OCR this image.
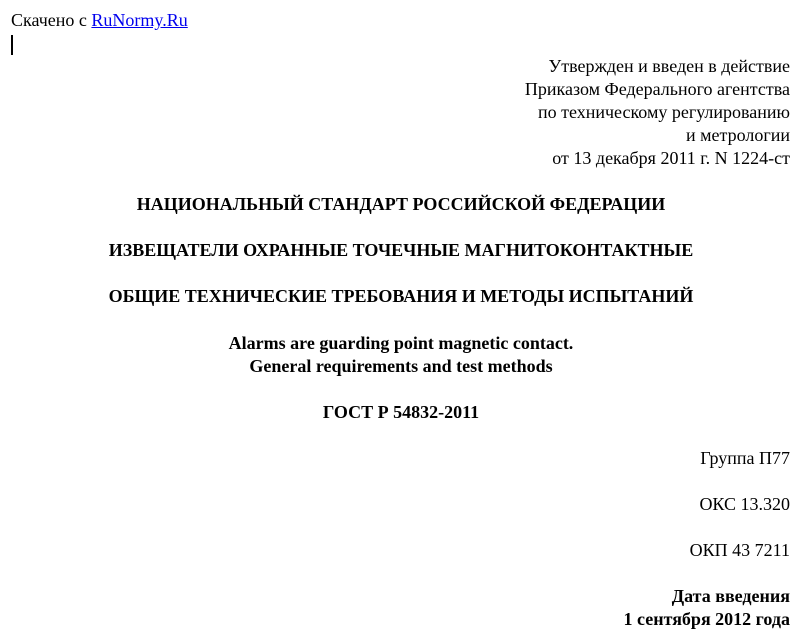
Скачено с RuNormy.Ru
Утвержден и введен в действие
Приказом Федерального агентства
по техническому регулированию
и метрологии
от 13 декабря 2011 г. N 1224-ст
НАЦИОНАЛЬНЫЙ СТАНДАРТ РОССИЙСКОЙ ФЕДЕРАЦИИ
ИЗВЕЩАТЕЛИ ОХРАННЫЕ ТОЧЕЧНЫЕ МАГНИТОКОНТАКТНЫЕ
ОБЩИЕ ТЕХНИЧЕСКИЕ ТРЕБОВАНИЯ И МЕТОДЫ ИСПЫТАНИЙ
Alarms are guarding point magnetic contact.
General requirements and test methods
ГОСТ Р 54832-2011
Группа П77
ОКС 13.320
ОКП 43 7211
Дата введения
1 сентября 2012 года
